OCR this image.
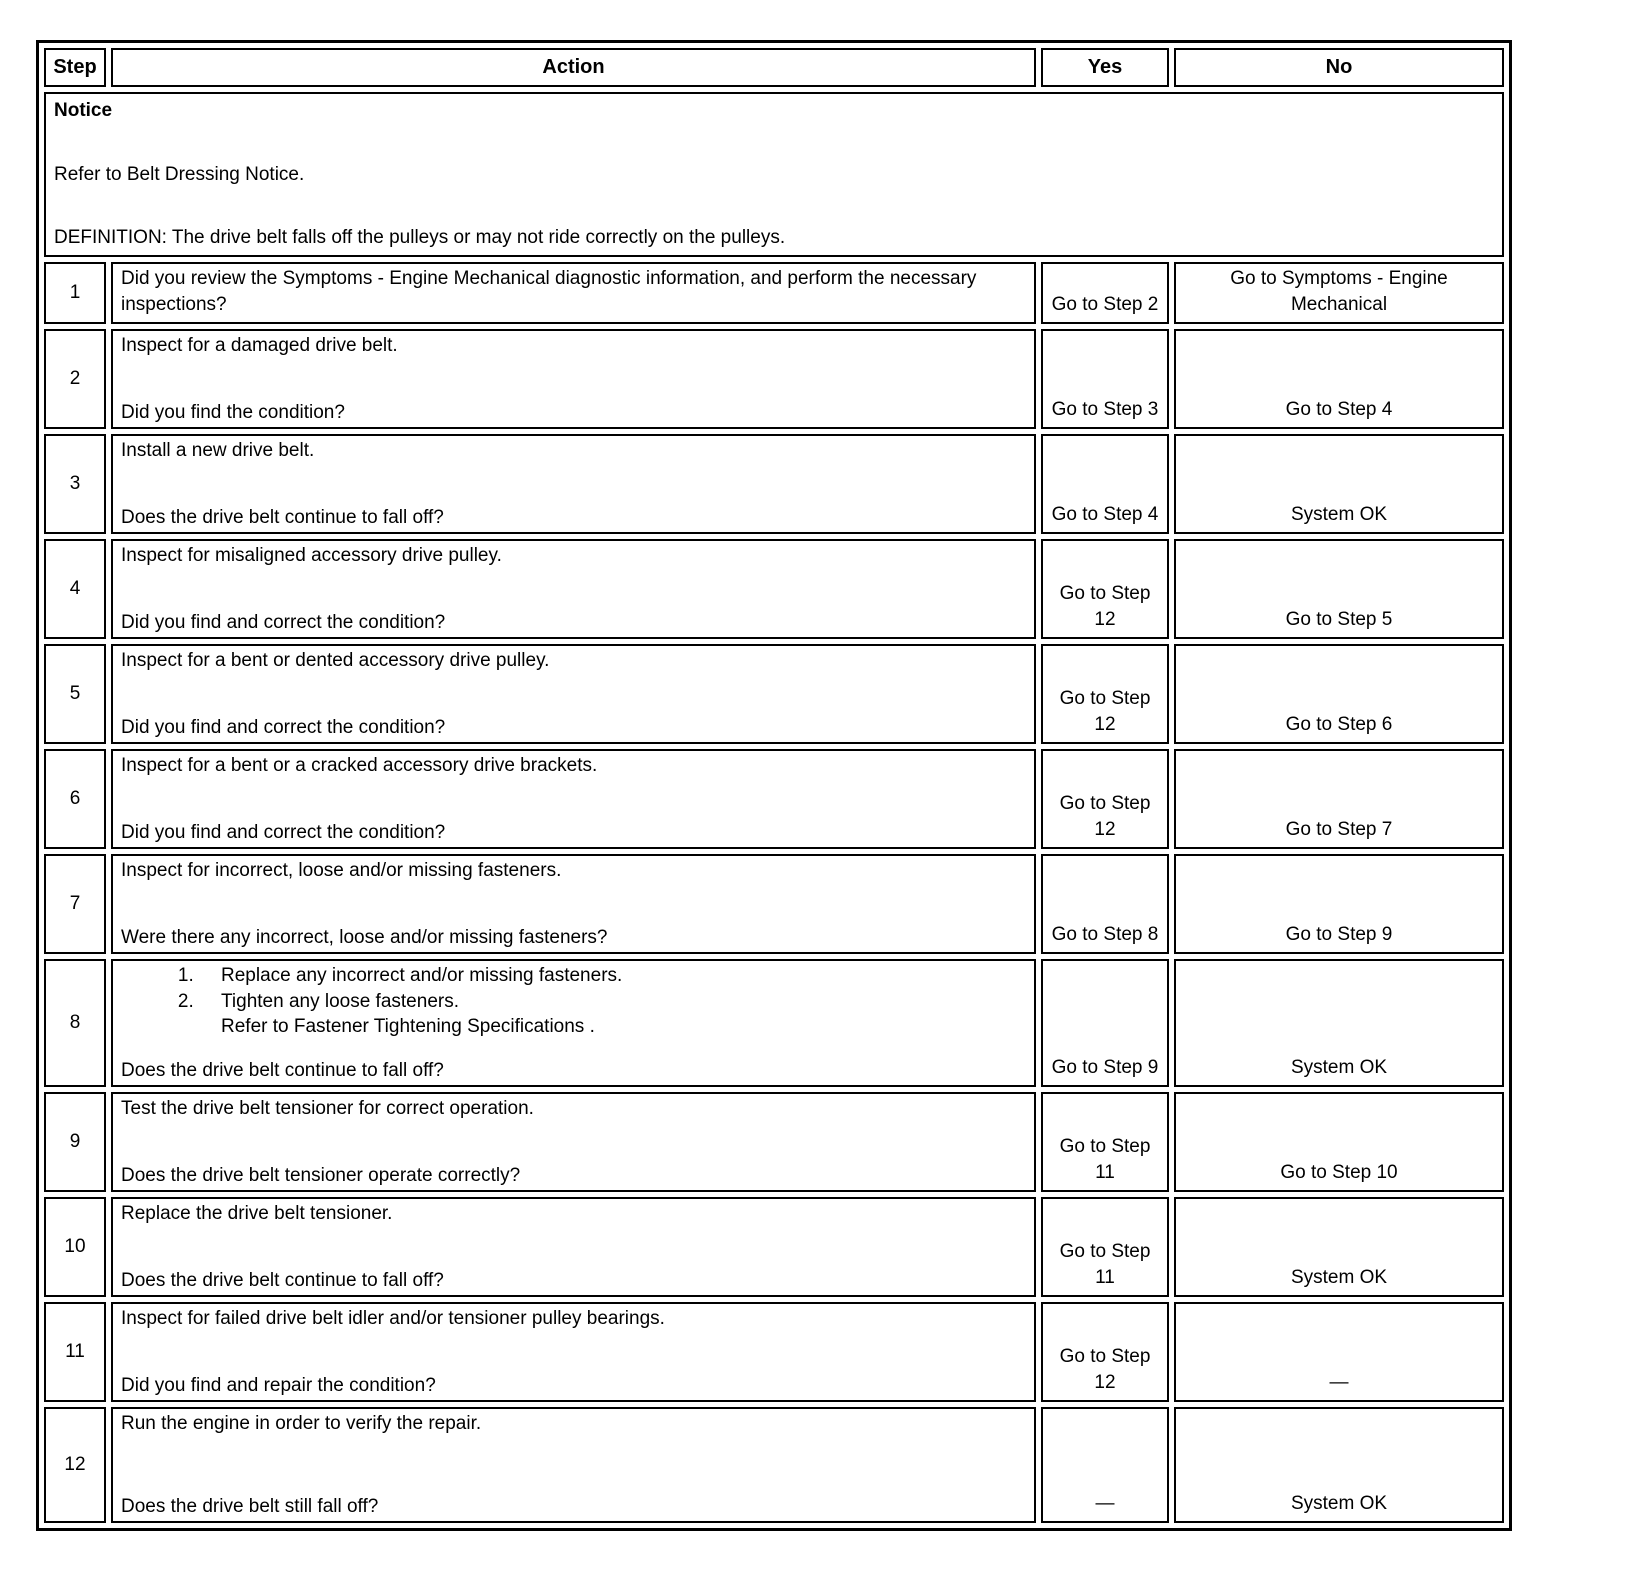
Step	Action	Yes	No

Notice
Refer to Belt Dressing Notice.
DEFINITION: The drive belt falls off the pulleys or may not ride correctly on the pulleys.			

1	Did you review the Symptoms - Engine Mechanical diagnostic information, and perform the necessary inspections?	Go to Step 2	Go to Symptoms - Engine Mechanical
2	Inspect for a damaged drive belt.
Did you find the condition?	Go to Step 3	Go to Step 4
3	Install a new drive belt.
Does the drive belt continue to fall off?	Go to Step 4	System OK
4	Inspect for misaligned accessory drive pulley.
Did you find and correct the condition?	Go to Step 12	Go to Step 5
5	Inspect for a bent or dented accessory drive pulley.
Did you find and correct the condition?	Go to Step 12	Go to Step 6
6	Inspect for a bent or a cracked accessory drive brackets.
Did you find and correct the condition?	Go to Step 12	Go to Step 7
7	Inspect for incorrect, loose and/or missing fasteners.
Were there any incorrect, loose and/or missing fasteners?	Go to Step 8	Go to Step 9
8	
1. Replace any incorrect and/or missing fasteners.
2. Tighten any loose fasteners.
Refer to Fastener Tightening Specifications .
Does the drive belt continue to fall off?	Go to Step 9	System OK
9	Test the drive belt tensioner for correct operation.
Does the drive belt tensioner operate correctly?	Go to Step 11	Go to Step 10
10	Replace the drive belt tensioner.
Does the drive belt continue to fall off?	Go to Step 11	System OK
11	Inspect for failed drive belt idler and/or tensioner pulley bearings.
Did you find and repair the condition?	Go to Step 12	—
12	Run the engine in order to verify the repair.
Does the drive belt still fall off?	—	System OK
